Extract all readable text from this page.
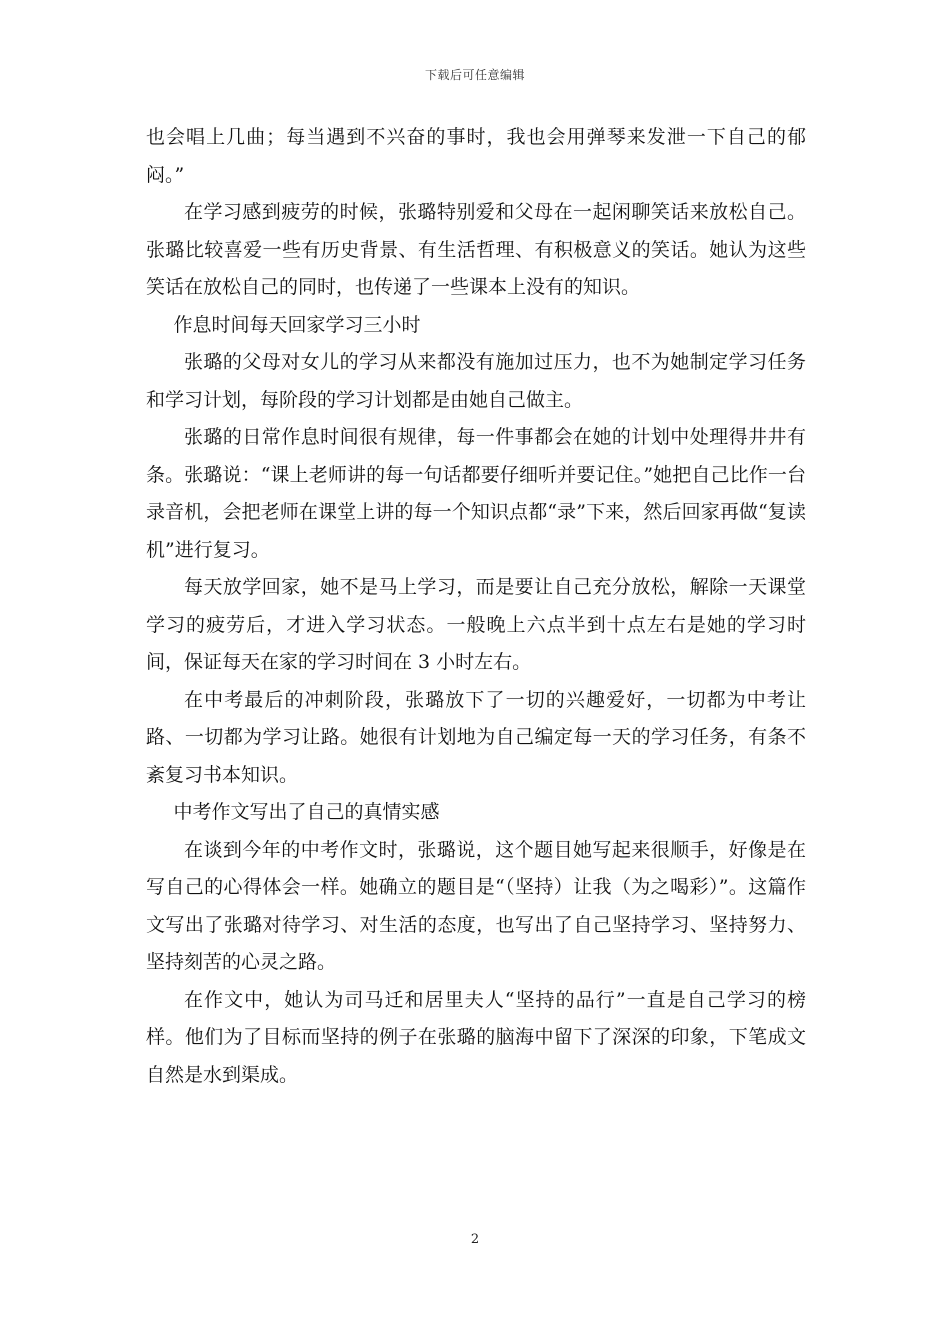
下载后可任意编辑

也会唱上几曲；每当遇到不兴奋的事时，我也会用弹琴来发泄一下自己的郁闷。”

在学习感到疲劳的时候，张璐特别爱和父母在一起闲聊笑话来放松自己。张璐比较喜爱一些有历史背景、有生活哲理、有积极意义的笑话。她认为这些笑话在放松自己的同时，也传递了一些课本上没有的知识。

作息时间每天回家学习三小时

张璐的父母对女儿的学习从来都没有施加过压力，也不为她制定学习任务和学习计划，每阶段的学习计划都是由她自己做主。

张璐的日常作息时间很有规律，每一件事都会在她的计划中处理得井井有条。张璐说：“课上老师讲的每一句话都要仔细听并要记住。”她把自己比作一台录音机，会把老师在课堂上讲的每一个知识点都“录”下来，然后回家再做“复读机”进行复习。

每天放学回家，她不是马上学习，而是要让自己充分放松，解除一天课堂学习的疲劳后，才进入学习状态。一般晚上六点半到十点左右是她的学习时间，保证每天在家的学习时间在 3 小时左右。

在中考最后的冲刺阶段，张璐放下了一切的兴趣爱好，一切都为中考让路、一切都为学习让路。她很有计划地为自己编定每一天的学习任务，有条不紊复习书本知识。

中考作文写出了自己的真情实感

在谈到今年的中考作文时，张璐说，这个题目她写起来很顺手，好像是在写自己的心得体会一样。她确立的题目是“（坚持）让我（为之喝彩）”。这篇作文写出了张璐对待学习、对生活的态度，也写出了自己坚持学习、坚持努力、坚持刻苦的心灵之路。

在作文中，她认为司马迁和居里夫人“坚持的品行”一直是自己学习的榜样。他们为了目标而坚持的例子在张璐的脑海中留下了深深的印象，下笔成文自然是水到渠成。

2
